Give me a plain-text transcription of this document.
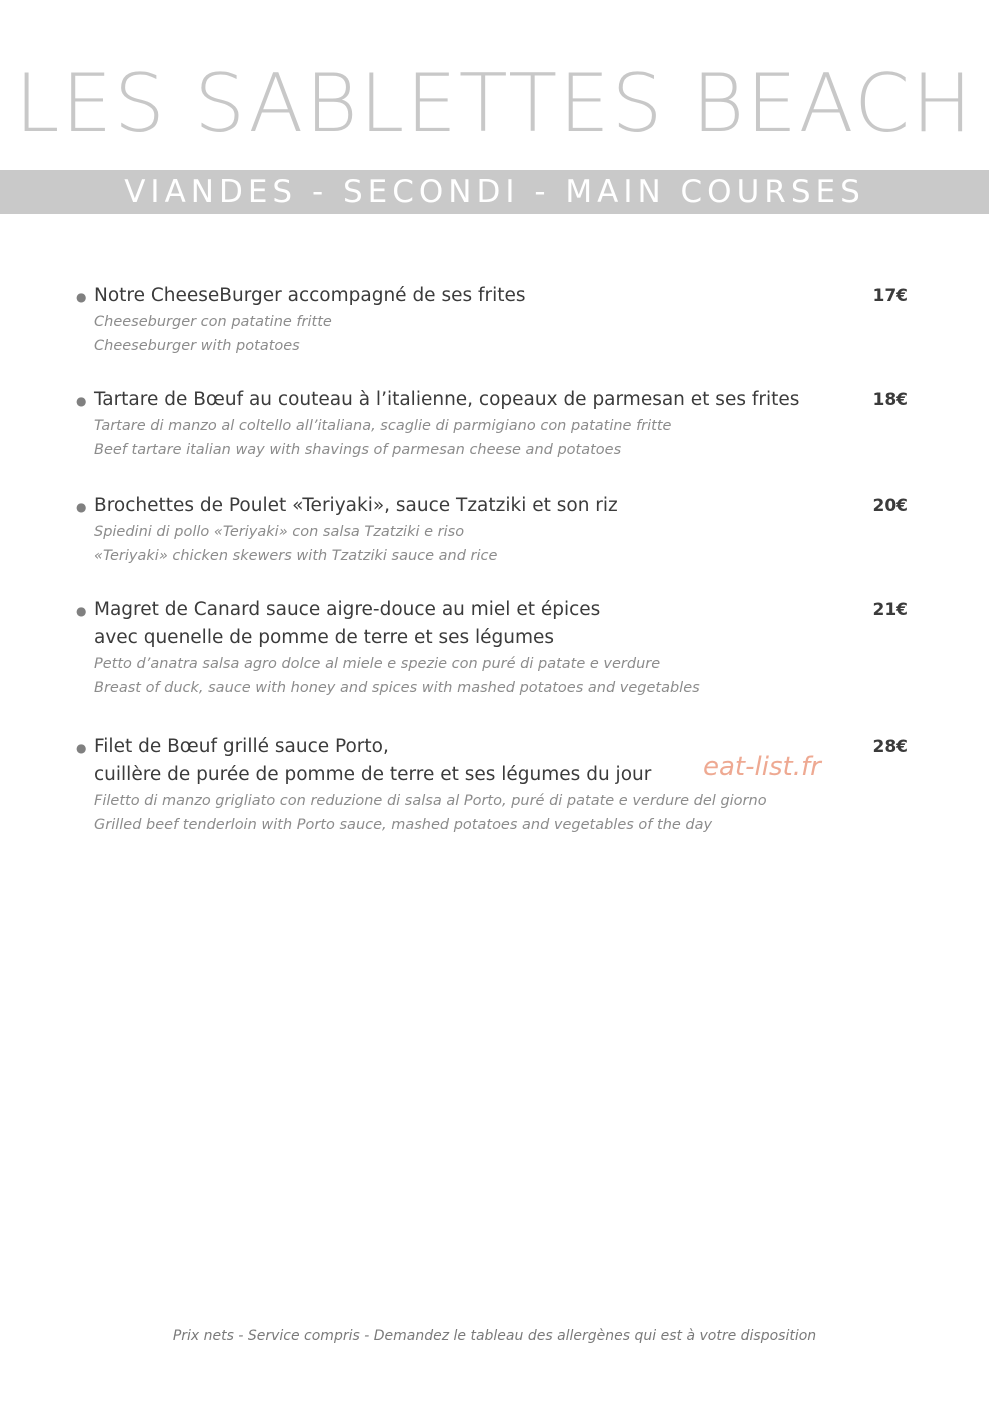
LES SABLETTES BEACH
VIANDES - SECONDI - MAIN COURSES
● Notre CheeseBurger accompagné de ses frites
Cheeseburger con patatine fritte
Cheeseburger with potatoes
17€
● Tartare de Bœuf au couteau à l’italienne, copeaux de parmesan et ses frites
Tartare di manzo al coltello all’italiana, scaglie di parmigiano con patatine fritte
Beef tartare italian way with shavings of parmesan cheese and potatoes
18€
● Brochettes de Poulet «Teriyaki», sauce Tzatziki et son riz
Spiedini di pollo «Teriyaki» con salsa Tzatziki e riso
«Teriyaki» chicken skewers with Tzatziki sauce and rice
20€
● Magret de Canard sauce aigre-douce au miel et épices
avec quenelle de pomme de terre et ses légumes
Petto d’anatra salsa agro dolce al miele e spezie con puré di patate e verdure
Breast of duck, sauce with honey and spices with mashed potatoes and vegetables
21€
● Filet de Bœuf grillé sauce Porto,
cuillère de purée de pomme de terre et ses légumes du jour
Filetto di manzo grigliato con reduzione di salsa al Porto, puré di patate e verdure del giorno
Grilled beef tenderloin with Porto sauce, mashed potatoes and vegetables of the day
28€
eat-list.fr
Prix nets - Service compris - Demandez le tableau des allergènes qui est à votre disposition
